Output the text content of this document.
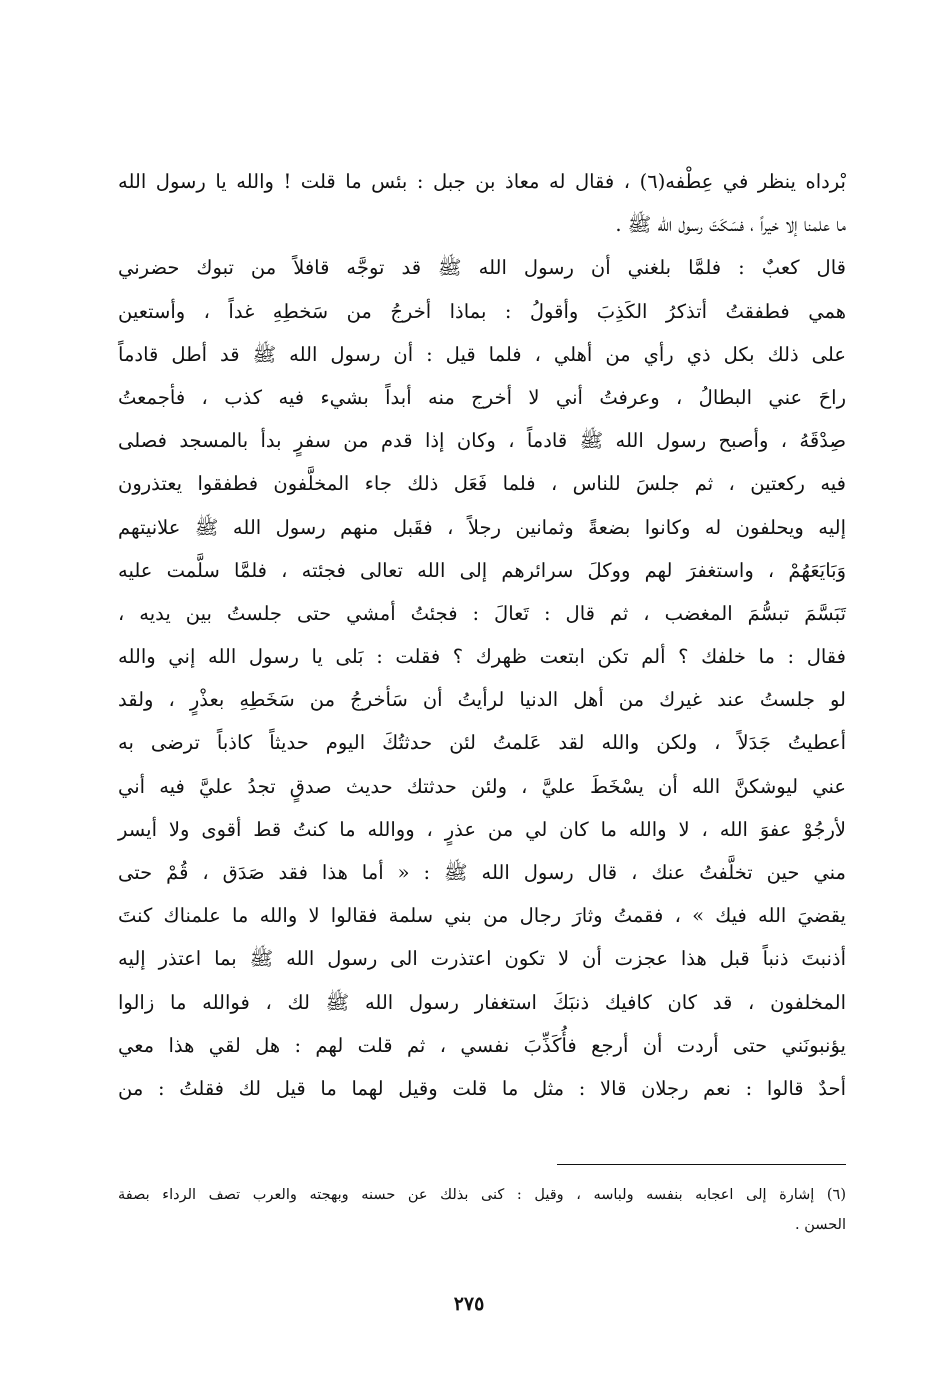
بْرداه ينظر في عِطْفه(٦) ، فقال له معاذ بن جبل : بئس ما قلت ! والله يا رسول الله
ما علمنا إلا خيراً ، فسَكَتَ رسول الله ﷺ .
قال كعبٌ : فلمَّا بلغني أن رسول الله ﷺ قد توجَّه قافلاً من تبوك حضرني
همي فطفقتُ أتذكرُ الكَذِبَ وأقولُ : بماذا أخرجُ من سَخطِهِ غداً ، وأستعين
على ذلك بكل ذي رأي من أهلي ، فلما قيل : أن رسول الله ﷺ قد أطل قادماً
راحَ عني البطالُ ، وعرفتُ أني لا أخرج منه أبداً بشيء فيه كذب ، فأجمعتُ
صِدْقَهُ ، وأصبح رسول الله ﷺ قادماً ، وكان إذا قدم من سفرٍ بدأ بالمسجد فصلى
فيه ركعتين ، ثم جلسَ للناس ، فلما فَعَل ذلك جاء المخلَّفون فطفقوا يعتذرون
إليه ويحلفون له وكانوا بضعةً وثمانين رجلاً ، فقَبل منهم رسول الله ﷺ علانيتهم
وَبَايَعَهُمْ ، واستغفرَ لهم ووكلَ سرائرهم إلى الله تعالى فجئته ، فلمَّا سلَّمت عليه
تَبَسَّمَ تبسُّمَ المغضب ، ثم قال : تَعالَ : فجئتُ أمشي حتى جلستُ بين يديه ،
فقال : ما خلفك ؟ ألم تكن ابتعت ظهرك ؟ فقلت : بَلى يا رسول الله إني والله
لو جلستُ عند غيرك من أهل الدنيا لرأيتُ أن سَأخرجُ من سَخَطِهِ بعذْرٍ ، ولقد
أعطيتُ جَدَلاً ، ولكن والله لقد عَلمتُ لئن حدثتُكَ اليوم حديثاً كاذباً ترضى به
عني ليوشكنَّ الله أن يسْخَطَ عليَّ ، ولئن حدثتك حديث صدقٍ تجدُ عليَّ فيه أني
لأرجُوْ عفوَ الله ، لا والله ما كان لي من عذرٍ ، ووالله ما كنتُ قط أقوى ولا أيسر
مني حين تخلَّفتُ عنك ، قال رسول الله ﷺ : « أما هذا فقد صَدَق ، قُمْ حتى
يقضيَ الله فيك » ، فقمتُ وثارَ رجال من بني سلمة فقالوا لا والله ما علمناك كنتَ
أذنبتَ ذنباً قبل هذا عجزت أن لا تكون اعتذرت الى رسول الله ﷺ بما اعتذر إليه
المخلفون ، قد كان كافيك ذنبَكَ استغفار رسول الله ﷺ لك ، فوالله ما زالوا
يؤنبونَني حتى أردت أن أرجع فأُكَذِّبَ نفسي ، ثم قلت لهم : هل لقي هذا معي
أحدٌ قالوا : نعم رجلان قالا : مثل ما قلت وقيل لهما ما قيل لك فقلتُ : من
(٦) إشارة إلى اعجابه بنفسه ولباسه ، وقيل : كنى بذلك عن حسنه وبهجته والعرب تصف الرداء بصفة
الحسن .
٢٧٥
